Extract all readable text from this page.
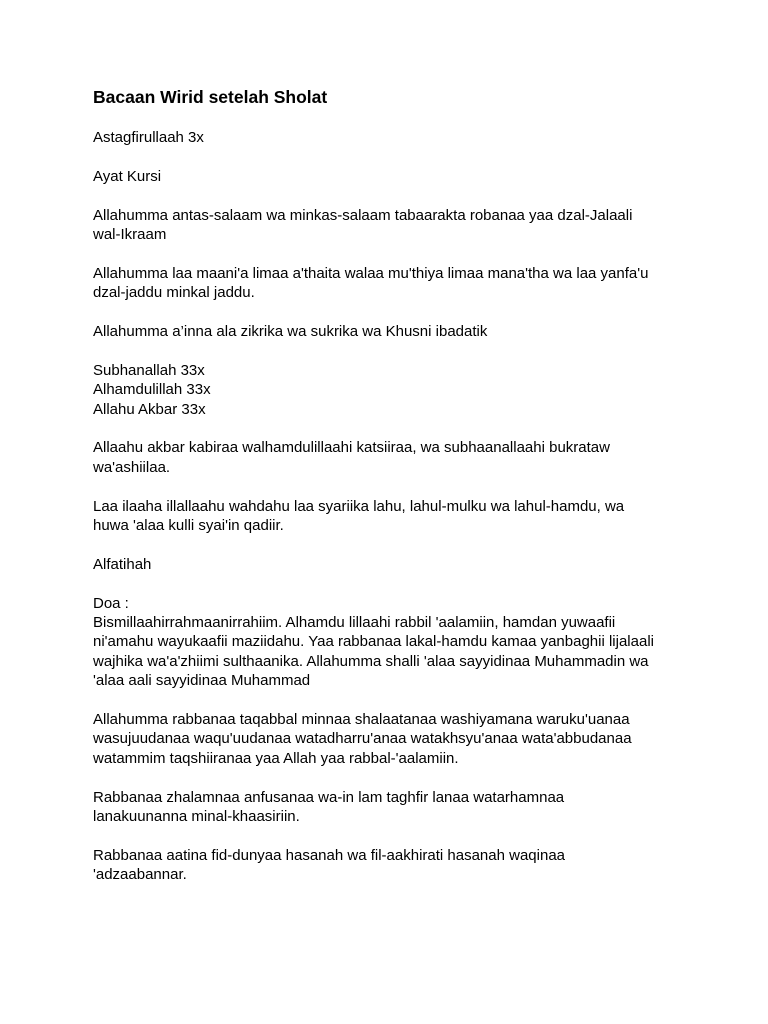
Bacaan Wirid setelah Sholat
Astagfirullaah 3x
Ayat Kursi
Allahumma antas-salaam wa minkas-salaam tabaarakta robanaa yaa dzal-Jalaali
wal-Ikraam
Allahumma laa maani'a limaa a'thaita walaa mu'thiya limaa mana'tha wa laa yanfa'u
dzal-jaddu minkal jaddu.
Allahumma a’inna ala zikrika wa sukrika wa Khusni ibadatik
Subhanallah 33x
Alhamdulillah 33x
Allahu Akbar 33x
Allaahu akbar kabiraa walhamdulillaahi katsiiraa, wa subhaanallaahi bukrataw
wa'ashiilaa.
Laa ilaaha illallaahu wahdahu laa syariika lahu, lahul-mulku wa lahul-hamdu, wa
huwa 'alaa kulli syai'in qadiir.
Alfatihah
Doa :
Bismillaahirrahmaanirrahiim. Alhamdu lillaahi rabbil 'aalamiin, hamdan yuwaafii
ni'amahu wayukaafii maziidahu. Yaa rabbanaa lakal-hamdu kamaa yanbaghii lijalaali
wajhika wa'a'zhiimi sulthaanika. Allahumma shalli 'alaa sayyidinaa Muhammadin wa
'alaa aali sayyidinaa Muhammad
Allahumma rabbanaa taqabbal minnaa shalaatanaa washiyamana waruku'uanaa
wasujuudanaa waqu'uudanaa watadharru'anaa watakhsyu'anaa wata'abbudanaa
watammim taqshiiranaa yaa Allah yaa rabbal-'aalamiin.
Rabbanaa zhalamnaa anfusanaa wa-in lam taghfir lanaa watarhamnaa
lanakuunanna minal-khaasiriin.
Rabbanaa aatina fid-dunyaa hasanah wa fil-aakhirati hasanah waqinaa
'adzaabannar.
